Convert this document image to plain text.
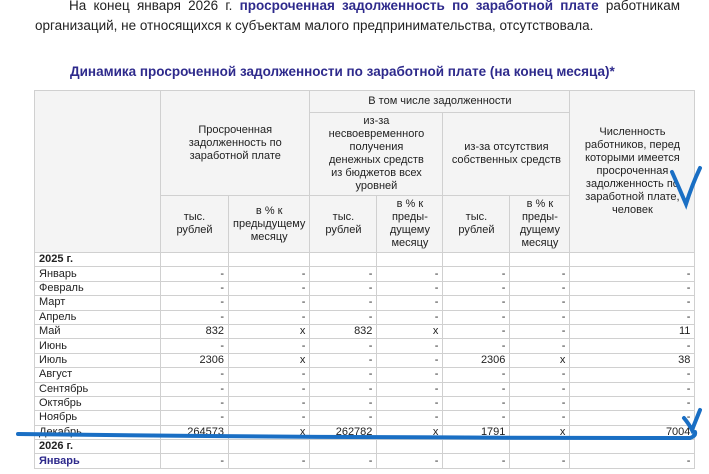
На конец января 2026 г. просроченная задолженность по заработной плате работникам организаций, не относящихся к субъектам малого предпринимательства, отсутствовала.
Динамика просроченной задолженности по заработной плате (на конец месяца)*
	Просроченная задолженность по заработной плате		В том числе задолженности				Численность работников, перед которыми имеется просроченная задолженность по заработной плате, человек
			из-за несвоевременного получения денежных средств из бюджетов всех уровней		из-за отсутствия собственных средств		
	тыс. рублей	в % к предыдущему месяцу	тыс. рублей	в % к преды-дущему месяцу	тыс. рублей	в % к преды-дущему месяцу	
2025 г.							
Январь	-	-	-	-	-	-	-
Февраль	-	-	-	-	-	-	-
Март	-	-	-	-	-	-	-
Апрель	-	-	-	-	-	-	-
Май	832	x	832	x	-	-	11
Июнь	-	-	-	-	-	-	-
Июль	2306	x	-	-	2306	x	38
Август	-	-	-	-	-	-	-
Сентябрь	-	-	-	-	-	-	-
Октябрь	-	-	-	-	-	-	-
Ноябрь	-	-	-	-	-	-	-
Декабрь	264573	x	262782	x	1791	x	7004
2026 г.							
Январь	-	-	-	-	-	-	-
